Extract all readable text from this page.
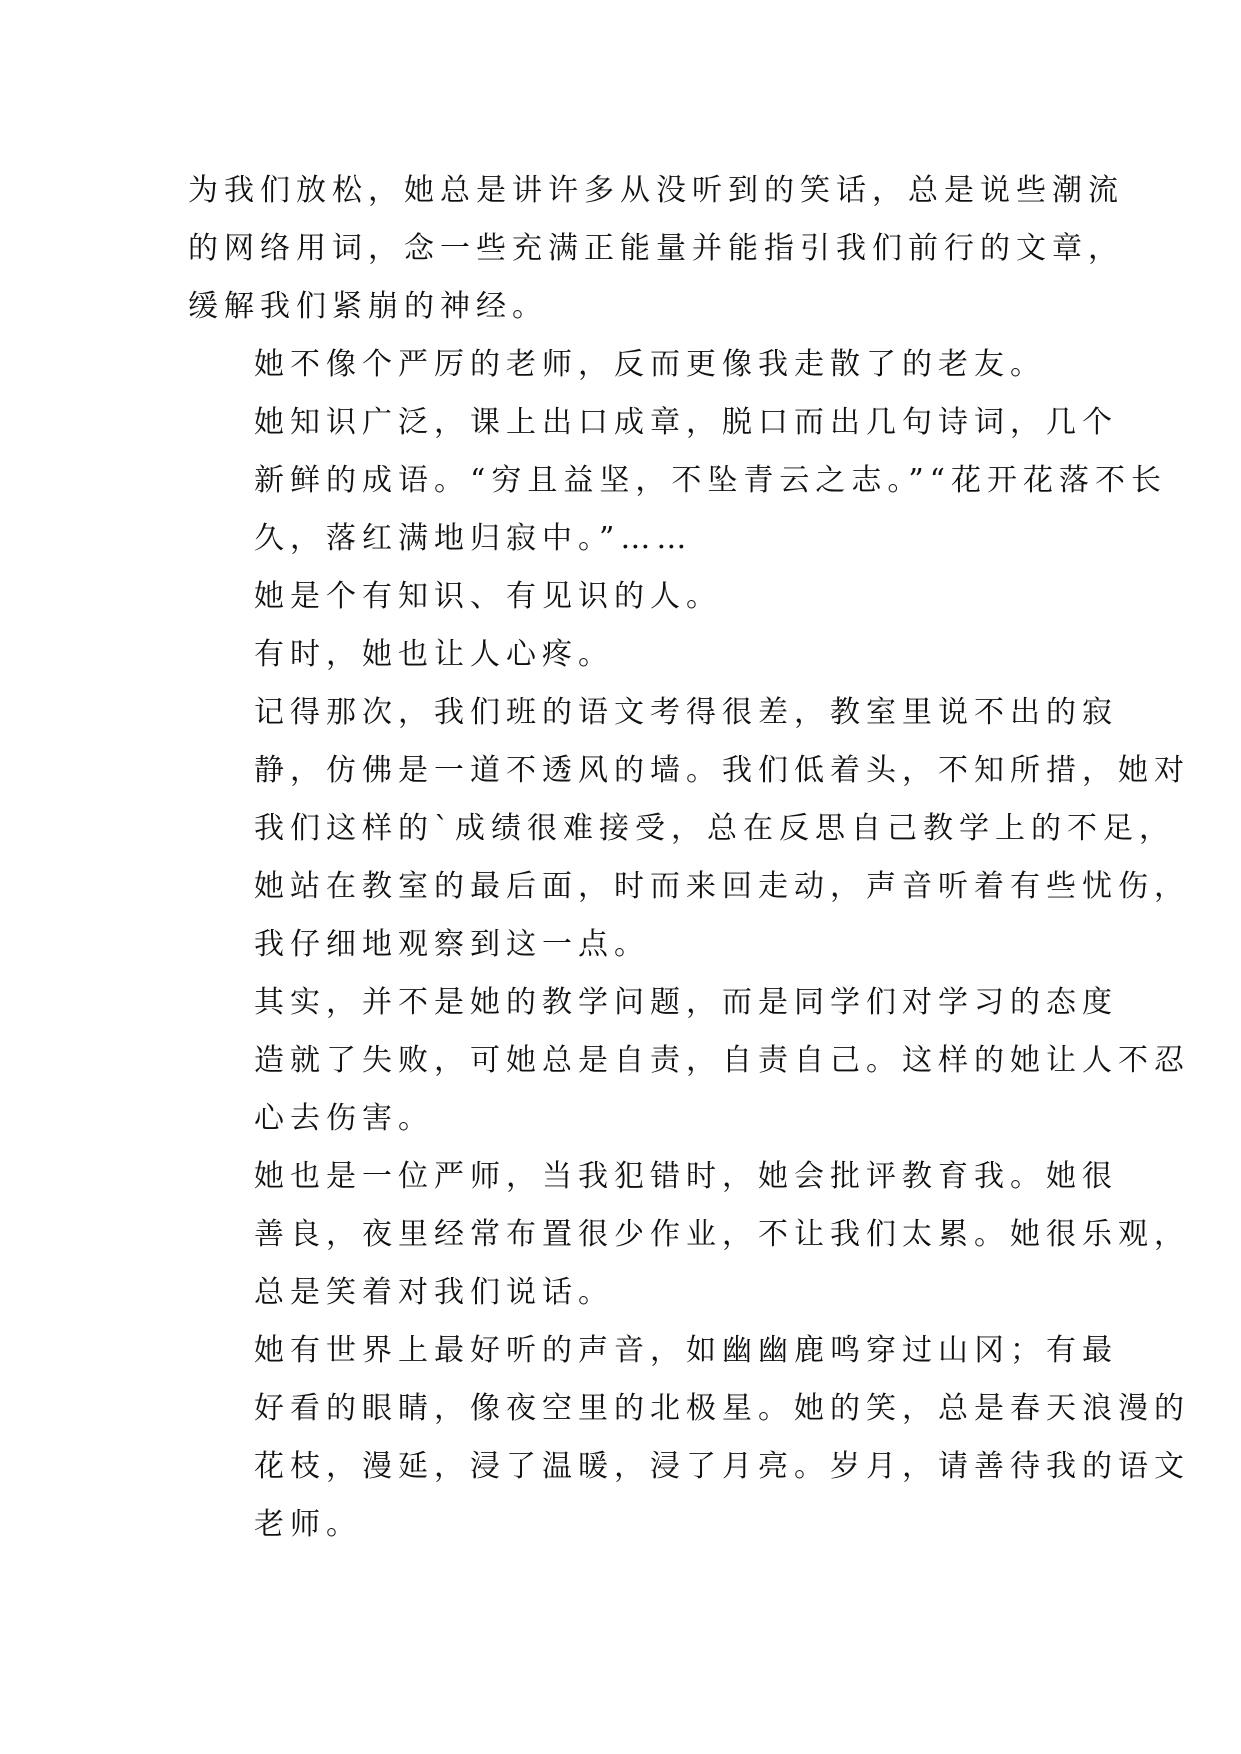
为我们放松，她总是讲许多从没听到的笑话，总是说些潮流
的网络用词，念一些充满正能量并能指引我们前行的文章，
缓解我们紧崩的神经。

她不像个严厉的老师，反而更像我走散了的老友。

她知识广泛，课上出口成章，脱口而出几句诗词，几个
新鲜的成语。“穷且益坚，不坠青云之志。”“花开花落不长
久，落红满地归寂中。”……

她是个有知识、有见识的人。

有时，她也让人心疼。

记得那次，我们班的语文考得很差，教室里说不出的寂
静，仿佛是一道不透风的墙。我们低着头，不知所措，她对
我们这样的`成绩很难接受，总在反思自己教学上的不足，
她站在教室的最后面，时而来回走动，声音听着有些忧伤，
我仔细地观察到这一点。

其实，并不是她的教学问题，而是同学们对学习的态度
造就了失败，可她总是自责，自责自己。这样的她让人不忍
心去伤害。

她也是一位严师，当我犯错时，她会批评教育我。她很
善良，夜里经常布置很少作业，不让我们太累。她很乐观，
总是笑着对我们说话。

她有世界上最好听的声音，如幽幽鹿鸣穿过山冈；有最
好看的眼睛，像夜空里的北极星。她的笑，总是春天浪漫的
花枝，漫延，浸了温暖，浸了月亮。岁月，请善待我的语文
老师。
